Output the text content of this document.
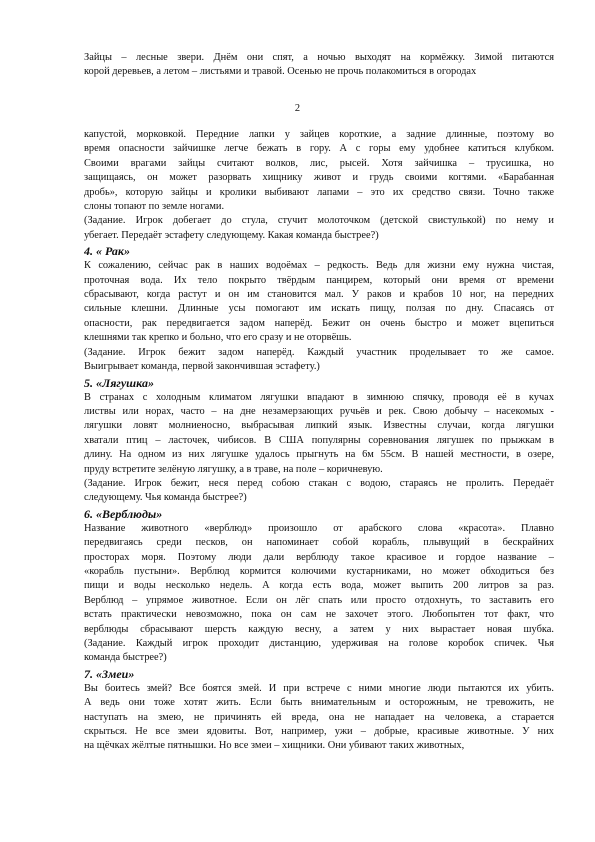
Зайцы – лесные звери. Днём они спят, а ночью выходят на кормёжку. Зимой питаются
корой деревьев, а летом – листьями и травой. Осенью не прочь полакомиться в огородах
2
капустой, морковкой. Передние лапки у зайцев короткие, а задние длинные, поэтому во
время опасности зайчишке легче бежать в гору. А с горы ему удобнее катиться клубком.
Своими врагами зайцы считают волков, лис, рысей. Хотя зайчишка – трусишка, но
защищаясь, он может разорвать хищнику живот и грудь своими когтями. «Барабанная
дробь», которую зайцы и кролики выбивают лапами – это их средство связи. Точно также
слоны топают по земле ногами.
(Задание. Игрок добегает до стула, стучит молоточком (детской свистулькой) по нему и
убегает. Передаёт эстафету следующему. Какая команда быстрее?)
4. « Рак»
К сожалению, сейчас рак в наших водоёмах – редкость. Ведь для жизни ему нужна чистая,
проточная вода. Их тело покрыто твёрдым панцирем, который они время от времени
сбрасывают, когда растут и он им становится мал. У раков и крабов 10 ног, на передних
сильные клешни. Длинные усы помогают им искать пищу, ползая по дну. Спасаясь от
опасности, рак передвигается задом наперёд. Бежит он очень быстро и может вцепиться
клешнями так крепко и больно, что его сразу и не оторвёшь.
(Задание. Игрок бежит задом наперёд. Каждый участник проделывает то же самое.
Выигрывает команда, первой закончившая эстафету.)
5. «Лягушка»
В странах с холодным климатом лягушки впадают в зимнюю спячку, проводя её в кучах
листвы или норах, часто – на дне незамерзающих ручьёв и рек. Свою добычу – насекомых -
лягушки ловят молниеносно, выбрасывая липкий язык. Известны случаи, когда лягушки
хватали птиц – ласточек, чибисов. В США популярны соревнования лягушек по прыжкам в
длину. На одном из них лягушке удалось прыгнуть на 6м 55см. В нашей местности, в озере,
пруду встретите зелёную лягушку, а в траве, на поле – коричневую.
(Задание. Игрок бежит, неся перед собою стакан с водою, стараясь не пролить. Передаёт
следующему. Чья команда быстрее?)
6. «Верблюды»
Название животного «верблюд» произошло от арабского слова «красота». Плавно
передвигаясь среди песков, он напоминает собой корабль, плывущий в бескрайних
просторах моря. Поэтому люди дали верблюду такое красивое и гордое название –
«корабль пустыни». Верблюд кормится колючими кустарниками, но может обходиться без
пищи и воды несколько недель. А когда есть вода, может выпить 200 литров за раз.
Верблюд – упрямое животное. Если он лёг спать или просто отдохнуть, то заставить его
встать практически невозможно, пока он сам не захочет этого. Любопытен тот факт, что
верблюды сбрасывают шерсть каждую весну, а затем у них вырастает новая шубка.
(Задание. Каждый игрок проходит дистанцию, удерживая на голове коробок спичек. Чья
команда быстрее?)
7. «Змеи»
Вы боитесь змей? Все боятся змей. И при встрече с ними многие люди пытаются их убить.
А ведь они тоже хотят жить. Если быть внимательным и осторожным, не тревожить, не
наступать на змею, не причинять ей вреда, она не нападает на человека, а старается
скрыться. Не все змеи ядовиты. Вот, например, ужи – добрые, красивые животные. У них
на щёчках жёлтые пятнышки. Но все змеи – хищники. Они убивают таких животных,
